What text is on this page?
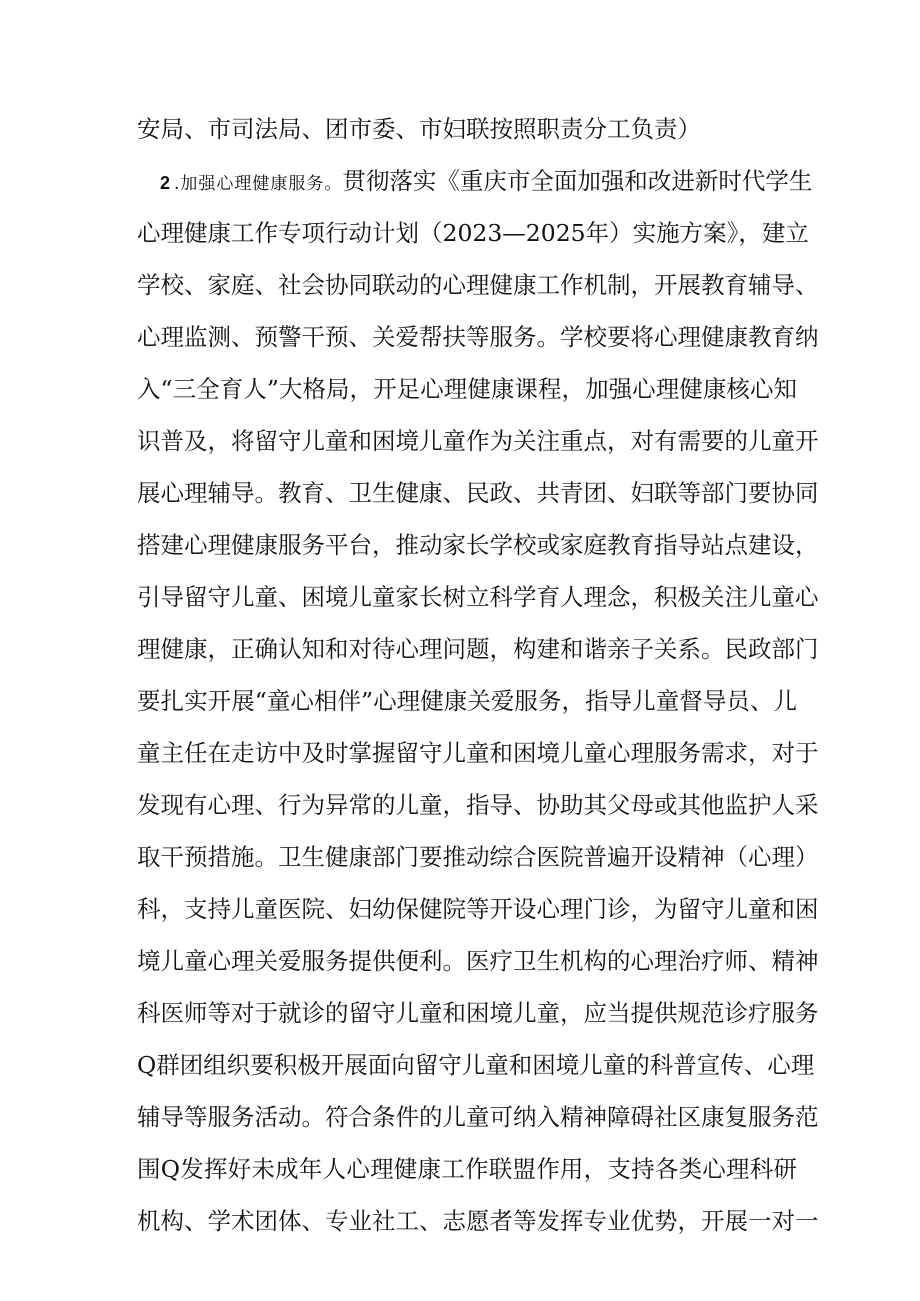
安局、市司法局、团市委、市妇联按照职责分工负责）
2 .加强心理健康服务。贯彻落实《重庆市全面加强和改进新时代学生
心理健康工作专项行动计划（2023—2025年）实施方案》，建立
学校、家庭、社会协同联动的心理健康工作机制，开展教育辅导、
心理监测、预警干预、关爱帮扶等服务。学校要将心理健康教育纳
入“三全育人”大格局，开足心理健康课程，加强心理健康核心知
识普及，将留守儿童和困境儿童作为关注重点，对有需要的儿童开
展心理辅导。教育、卫生健康、民政、共青团、妇联等部门要协同
搭建心理健康服务平台，推动家长学校或家庭教育指导站点建设，
引导留守儿童、困境儿童家长树立科学育人理念，积极关注儿童心
理健康，正确认知和对待心理问题，构建和谐亲子关系。民政部门
要扎实开展“童心相伴”心理健康关爱服务，指导儿童督导员、儿
童主任在走访中及时掌握留守儿童和困境儿童心理服务需求，对于
发现有心理、行为异常的儿童，指导、协助其父母或其他监护人采
取干预措施。卫生健康部门要推动综合医院普遍开设精神（心理）
科，支持儿童医院、妇幼保健院等开设心理门诊，为留守儿童和困
境儿童心理关爱服务提供便利。医疗卫生机构的心理治疗师、精神
科医师等对于就诊的留守儿童和困境儿童，应当提供规范诊疗服务
Q群团组织要积极开展面向留守儿童和困境儿童的科普宣传、心理
辅导等服务活动。符合条件的儿童可纳入精神障碍社区康复服务范
围Q发挥好未成年人心理健康工作联盟作用，支持各类心理科研
机构、学术团体、专业社工、志愿者等发挥专业优势，开展一对一
